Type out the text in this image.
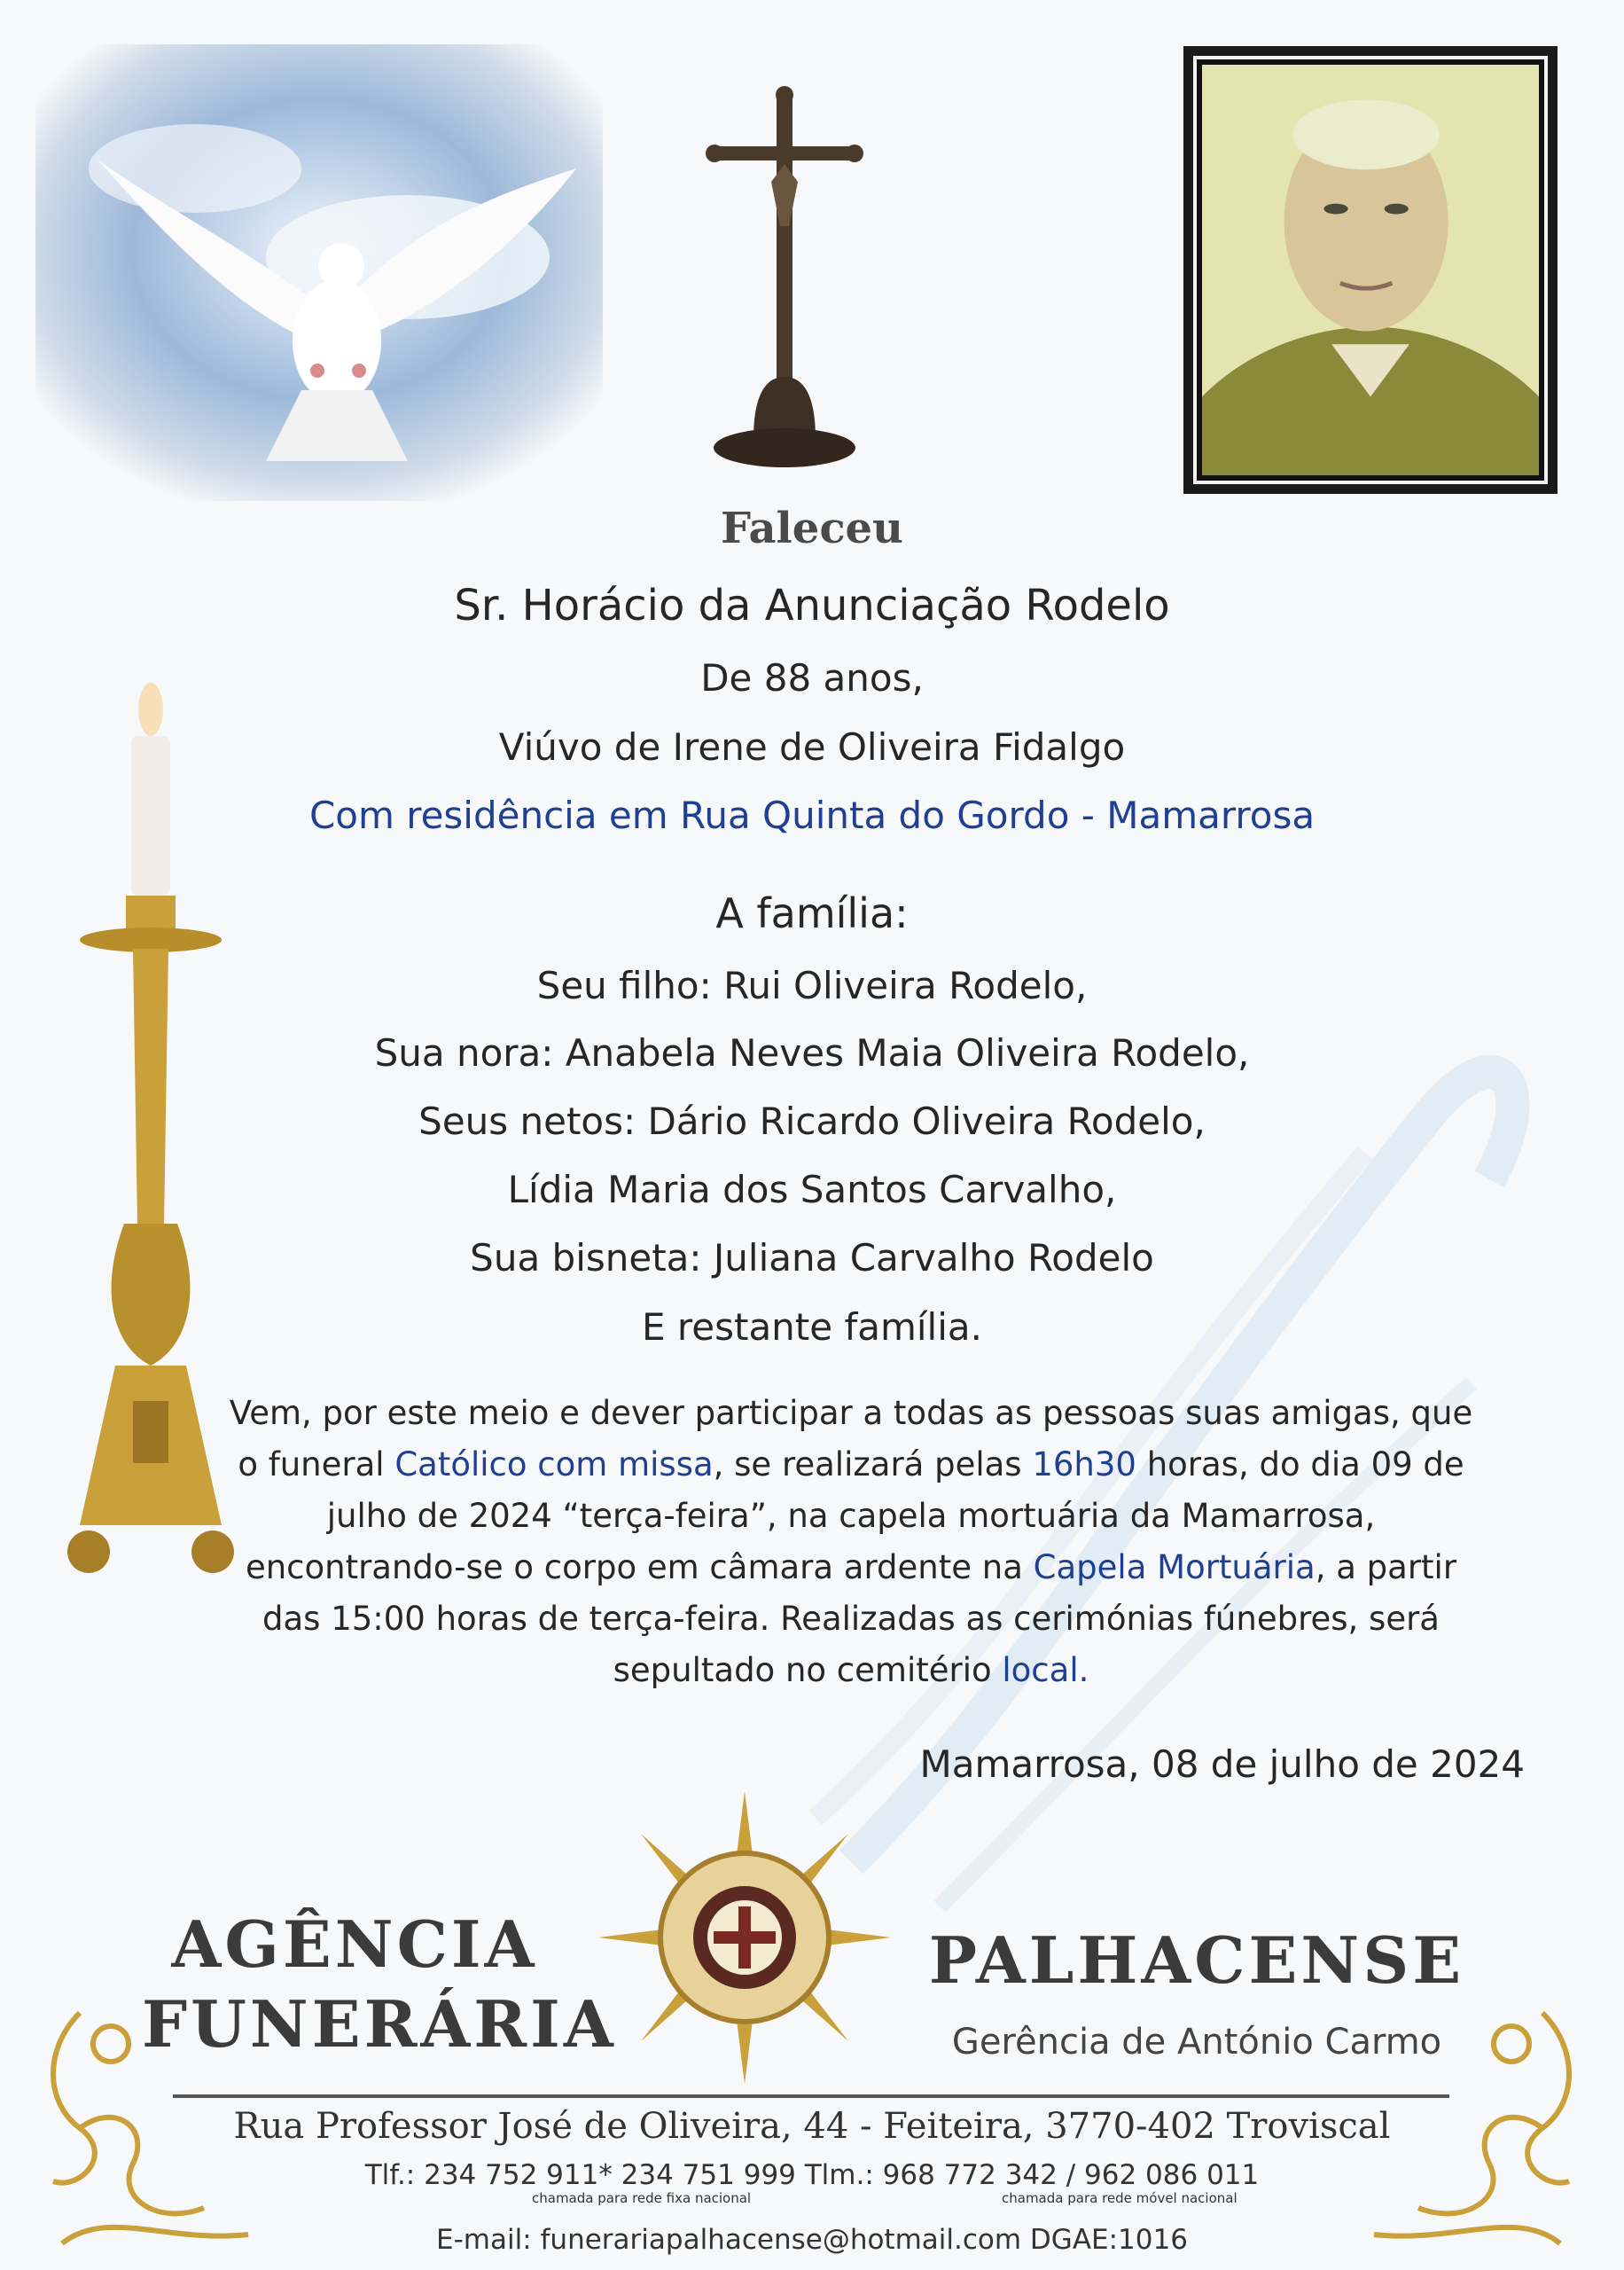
Faleceu
Sr. Horácio da Anunciação Rodelo
De 88 anos,
Viúvo de Irene de Oliveira Fidalgo
Com residência em Rua Quinta do Gordo - Mamarrosa
A família:
Seu filho: Rui Oliveira Rodelo,
Sua nora: Anabela Neves Maia Oliveira Rodelo,
Seus netos: Dário Ricardo Oliveira Rodelo,
Lídia Maria dos Santos Carvalho,
Sua bisneta: Juliana Carvalho Rodelo
E restante família.
Vem, por este meio e dever participar a todas as pessoas suas amigas, que o funeral Católico com missa, se realizará pelas 16h30 horas, do dia 09 de julho de 2024 “terça-feira”, na capela mortuária da Mamarrosa, encontrando-se o corpo em câmara ardente na Capela Mortuária, a partir das 15:00 horas de terça-feira. Realizadas as cerimónias fúnebres, será sepultado no cemitério local.
Mamarrosa, 08 de julho de 2024
AGÊNCIA
FUNERÁRIA
PALHACENSE
Gerência de António Carmo
Rua Professor José de Oliveira, 44 - Feiteira, 3770-402 Troviscal
Tlf.: 234 752 911* 234 751 999 Tlm.: 968 772 342 / 962 086 011
chamada para rede fixa nacional	chamada para rede móvel nacional
E-mail: funerariapalhacense@hotmail.com DGAE:1016
